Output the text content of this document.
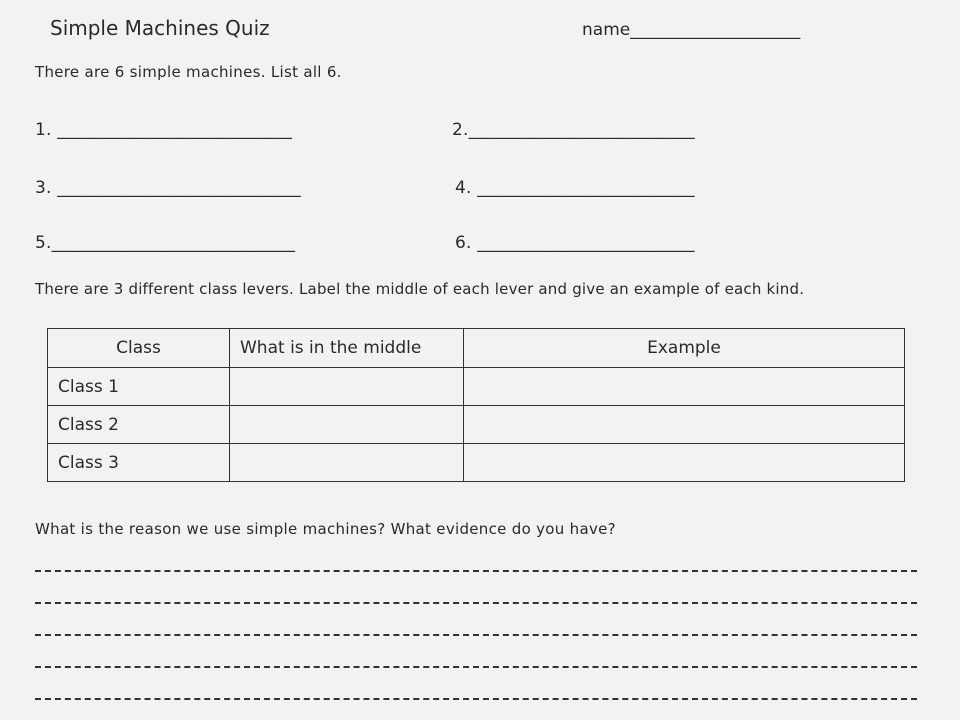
Simple Machines Quiz	name____________________
There are 6 simple machines. List all 6.
1. ___________________________	2.__________________________
3. ____________________________	4. _________________________
5.____________________________	6. _________________________
There are 3 different class levers. Label the middle of each lever and give an example of each kind.
Class	What is in the middle	Example
Class 1		
Class 2		
Class 3		
What is the reason we use simple machines? What evidence do you have?
